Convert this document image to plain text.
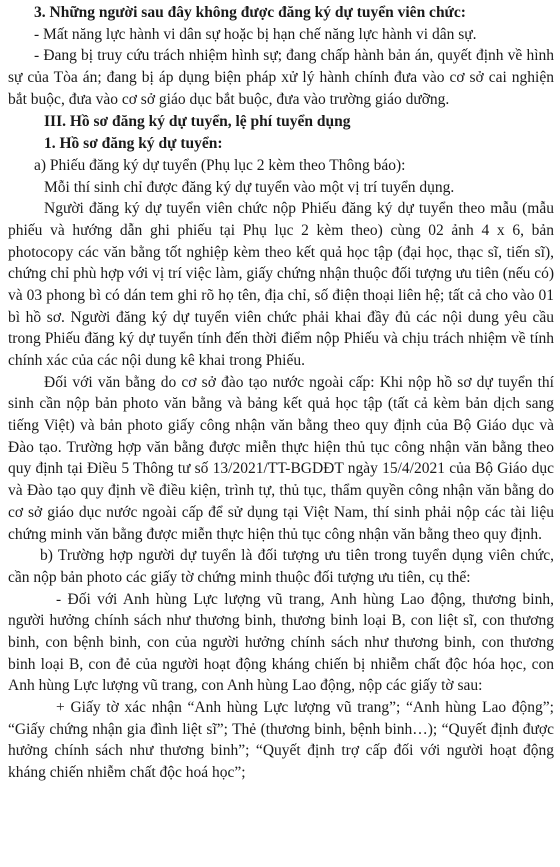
3. Những người sau đây không được đăng ký dự tuyển viên chức:

- Mất năng lực hành vi dân sự hoặc bị hạn chế năng lực hành vi dân sự.

- Đang bị truy cứu trách nhiệm hình sự; đang chấp hành bản án, quyết định về hình sự của Tòa án; đang bị áp dụng biện pháp xử lý hành chính đưa vào cơ sở cai nghiện bắt buộc, đưa vào cơ sở giáo dục bắt buộc, đưa vào trường giáo dưỡng.

III. Hồ sơ đăng ký dự tuyển, lệ phí tuyển dụng

1. Hồ sơ đăng ký dự tuyển:

a) Phiếu đăng ký dự tuyển (Phụ lục 2 kèm theo Thông báo):

Mỗi thí sinh chỉ được đăng ký dự tuyển vào một vị trí tuyển dụng.

Người đăng ký dự tuyển viên chức nộp Phiếu đăng ký dự tuyển theo mẫu (mẫu phiếu và hướng dẫn ghi phiếu tại Phụ lục 2 kèm theo) cùng 02 ảnh 4 x 6, bản photocopy các văn bằng tốt nghiệp kèm theo kết quả học tập (đại học, thạc sĩ, tiến sĩ), chứng chỉ phù hợp với vị trí việc làm, giấy chứng nhận thuộc đối tượng ưu tiên (nếu có) và 03 phong bì có dán tem ghi rõ họ tên, địa chỉ, số điện thoại liên hệ; tất cả cho vào 01 bì hồ sơ. Người đăng ký dự tuyển viên chức phải khai đầy đủ các nội dung yêu cầu trong Phiếu đăng ký dự tuyển tính đến thời điểm nộp Phiếu và chịu trách nhiệm về tính chính xác của các nội dung kê khai trong Phiếu.

Đối với văn bằng do cơ sở đào tạo nước ngoài cấp: Khi nộp hồ sơ dự tuyển thí sinh cần nộp bản photo văn bằng và bảng kết quả học tập (tất cả kèm bản dịch sang tiếng Việt) và bản photo giấy công nhận văn bằng theo quy định của Bộ Giáo dục và Đào tạo. Trường hợp văn bằng được miễn thực hiện thủ tục công nhận văn bằng theo quy định tại Điều 5 Thông tư số 13/2021/TT-BGDĐT ngày 15/4/2021 của Bộ Giáo dục và Đào tạo quy định về điều kiện, trình tự, thủ tục, thẩm quyền công nhận văn bằng do cơ sở giáo dục nước ngoài cấp để sử dụng tại Việt Nam, thí sinh phải nộp các tài liệu chứng minh văn bằng được miễn thực hiện thủ tục công nhận văn bằng theo quy định.

b) Trường hợp người dự tuyển là đối tượng ưu tiên trong tuyển dụng viên chức, cần nộp bản photo các giấy tờ chứng minh thuộc đối tượng ưu tiên, cụ thể:

- Đối với Anh hùng Lực lượng vũ trang, Anh hùng Lao động, thương binh, người hưởng chính sách như thương binh, thương binh loại B, con liệt sĩ, con thương binh, con bệnh binh, con của người hưởng chính sách như thương binh, con thương binh loại B, con đẻ của người hoạt động kháng chiến bị nhiễm chất độc hóa học, con Anh hùng Lực lượng vũ trang, con Anh hùng Lao động, nộp các giấy tờ sau:

+ Giấy tờ xác nhận “Anh hùng Lực lượng vũ trang”; “Anh hùng Lao động”; “Giấy chứng nhận gia đình liệt sĩ”; Thẻ (thương binh, bệnh binh…); “Quyết định được hưởng chính sách như thương binh”; “Quyết định trợ cấp đối với người hoạt động kháng chiến nhiễm chất độc hoá học”;
